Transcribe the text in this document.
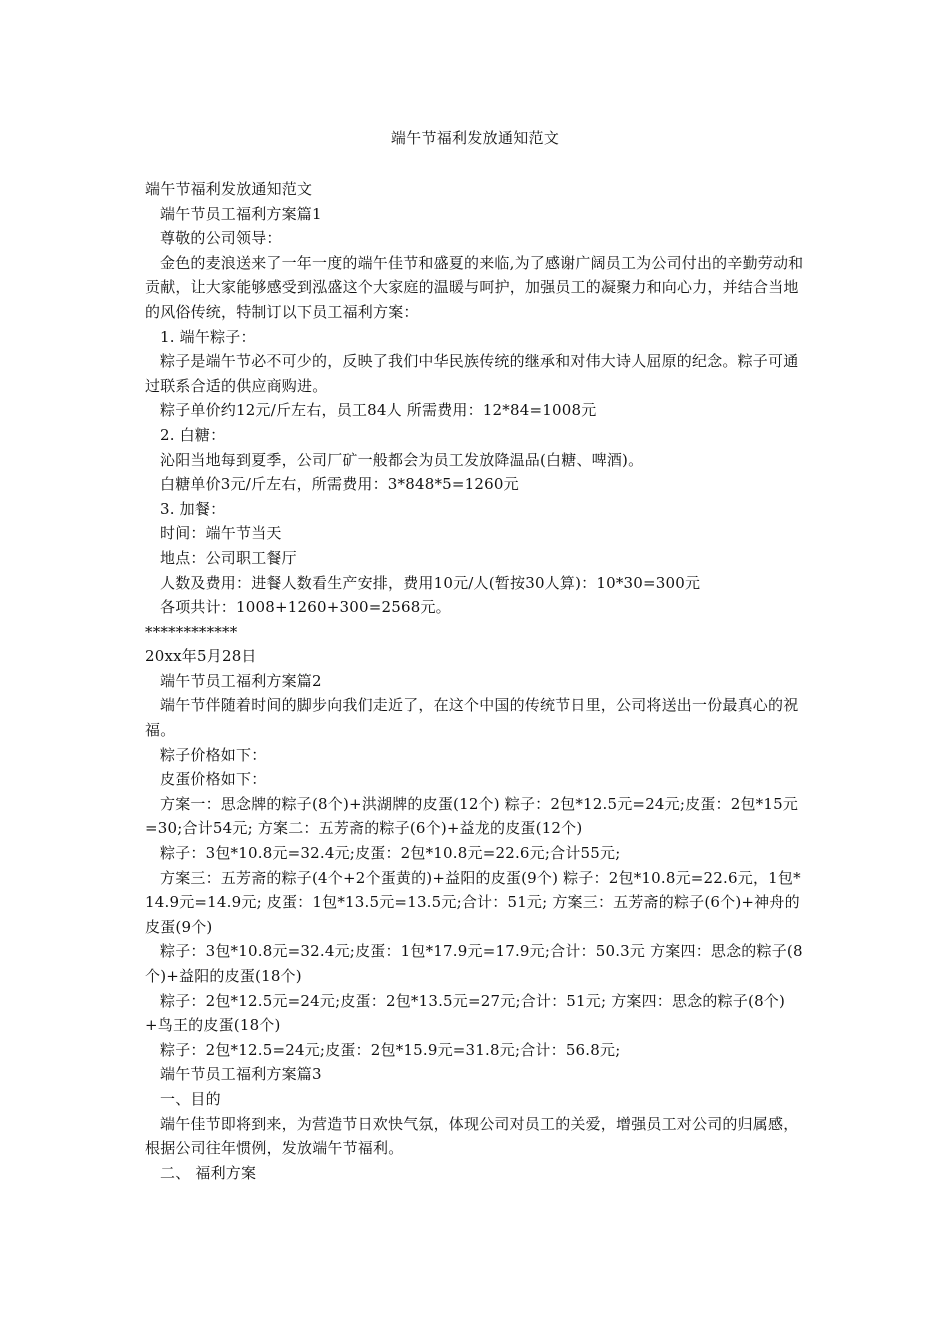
端午节福利发放通知范文

端午节福利发放通知范文

端午节员工福利方案篇1

尊敬的公司领导：

金色的麦浪送来了一年一度的端午佳节和盛夏的来临,为了感谢广阔员工为公司付出的辛勤劳动和贡献，让大家能够感受到泓盛这个大家庭的温暖与呵护，加强员工的凝聚力和向心力，并结合当地的风俗传统，特制订以下员工福利方案：

1. 端午粽子：

粽子是端午节必不可少的，反映了我们中华民族传统的继承和对伟大诗人屈原的纪念。粽子可通过联系合适的供应商购进。

粽子单价约12元/斤左右，员工84人 所需费用：12*84=1008元

2. 白糖：

沁阳当地每到夏季，公司厂矿一般都会为员工发放降温品(白糖、啤酒)。

白糖单价3元/斤左右，所需费用：3*848*5=1260元

3. 加餐：

时间：端午节当天

地点：公司职工餐厅

人数及费用：进餐人数看生产安排，费用10元/人(暂按30人算)：10*30=300元

各项共计：1008+1260+300=2568元。

************

20xx年5月28日

端午节员工福利方案篇2

端午节伴随着时间的脚步向我们走近了，在这个中国的传统节日里，公司将送出一份最真心的祝福。

粽子价格如下：

皮蛋价格如下：

方案一：思念牌的粽子(8个)+洪湖牌的皮蛋(12个) 粽子：2包*12.5元=24元;皮蛋：2包*15元=30;合计54元; 方案二：五芳斋的粽子(6个)+益龙的皮蛋(12个)

粽子：3包*10.8元=32.4元;皮蛋：2包*10.8元=22.6元;合计55元;

方案三：五芳斋的粽子(4个+2个蛋黄的)+益阳的皮蛋(9个) 粽子：2包*10.8元=22.6元，1包*14.9元=14.9元; 皮蛋：1包*13.5元=13.5元;合计：51元; 方案三：五芳斋的粽子(6个)+神舟的皮蛋(9个)

粽子：3包*10.8元=32.4元;皮蛋：1包*17.9元=17.9元;合计：50.3元 方案四：思念的粽子(8个)+益阳的皮蛋(18个)

粽子：2包*12.5元=24元;皮蛋：2包*13.5元=27元;合计：51元; 方案四：思念的粽子(8个)+鸟王的皮蛋(18个)

粽子：2包*12.5=24元;皮蛋：2包*15.9元=31.8元;合计：56.8元;

端午节员工福利方案篇3

一、目的

端午佳节即将到来，为营造节日欢快气氛，体现公司对员工的关爱，增强员工对公司的归属感，根据公司往年惯例，发放端午节福利。

二、 福利方案
